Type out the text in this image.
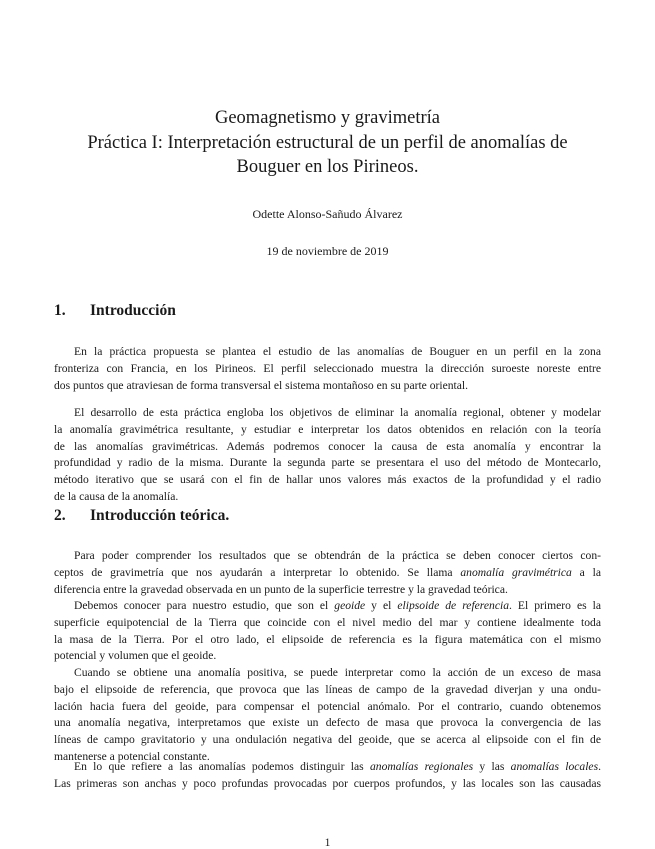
Geomagnetismo y gravimetría
Práctica I: Interpretación estructural de un perfil de anomalías de
Bouguer en los Pirineos.
Odette Alonso-Sañudo Álvarez
19 de noviembre de 2019
1. Introducción
En la práctica propuesta se plantea el estudio de las anomalías de Bouguer en un perfil en la zona
fronteriza con Francia, en los Pirineos. El perfil seleccionado muestra la dirección suroeste noreste entre
dos puntos que atraviesan de forma transversal el sistema montañoso en su parte oriental.
El desarrollo de esta práctica engloba los objetivos de eliminar la anomalía regional, obtener y modelar
la anomalía gravimétrica resultante, y estudiar e interpretar los datos obtenidos en relación con la teoría
de las anomalías gravimétricas. Además podremos conocer la causa de esta anomalía y encontrar la
profundidad y radio de la misma. Durante la segunda parte se presentara el uso del método de Montecarlo,
método iterativo que se usará con el fin de hallar unos valores más exactos de la profundidad y el radio
de la causa de la anomalía.
2. Introducción teórica.
Para poder comprender los resultados que se obtendrán de la práctica se deben conocer ciertos con-
ceptos de gravimetría que nos ayudarán a interpretar lo obtenido. Se llama anomalía gravimétrica a la
diferencia entre la gravedad observada en un punto de la superficie terrestre y la gravedad teórica.
Debemos conocer para nuestro estudio, que son el geoide y el elipsoide de referencia. El primero es la
superficie equipotencial de la Tierra que coincide con el nivel medio del mar y contiene idealmente toda
la masa de la Tierra. Por el otro lado, el elipsoide de referencia es la figura matemática con el mismo
potencial y volumen que el geoide.
Cuando se obtiene una anomalía positiva, se puede interpretar como la acción de un exceso de masa
bajo el elipsoide de referencia, que provoca que las líneas de campo de la gravedad diverjan y una ondu-
lación hacia fuera del geoide, para compensar el potencial anómalo. Por el contrario, cuando obtenemos
una anomalía negativa, interpretamos que existe un defecto de masa que provoca la convergencia de las
líneas de campo gravitatorio y una ondulación negativa del geoide, que se acerca al elipsoide con el fin de
mantenerse a potencial constante.
En lo que refiere a las anomalías podemos distinguir las anomalías regionales y las anomalías locales.
Las primeras son anchas y poco profundas provocadas por cuerpos profundos, y las locales son las causadas
1
